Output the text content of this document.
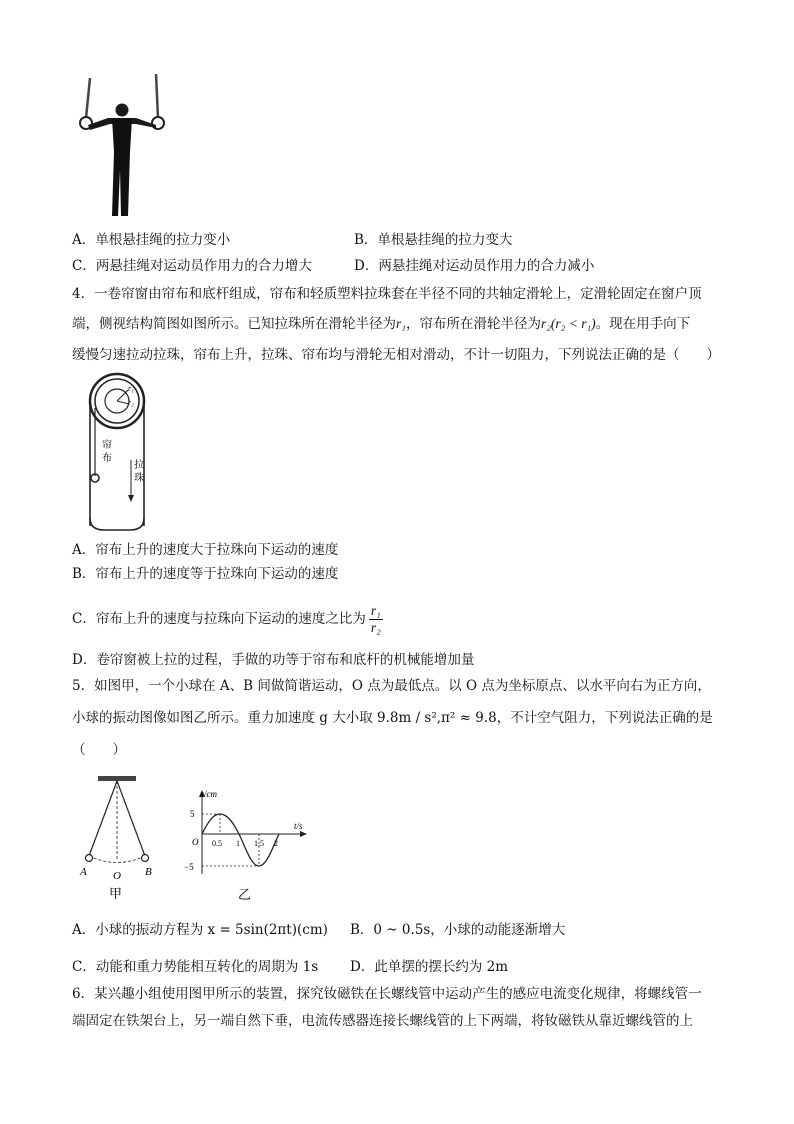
A．单根悬挂绳的拉力变小	B．单根悬挂绳的拉力变大
C．两悬挂绳对运动员作用力的合力增大	D．两悬挂绳对运动员作用力的合力减小
4．一卷帘窗由帘布和底杆组成，帘布和轻质塑料拉珠套在半径不同的共轴定滑轮上，定滑轮固定在窗户顶
端，侧视结构简图如图所示。已知拉珠所在滑轮半径为r₁，帘布所在滑轮半径为r₂(r₂ < r₁)。现在用手向下
缓慢匀速拉动拉珠，帘布上升，拉珠、帘布均与滑轮无相对滑动，不计一切阻力，下列说法正确的是（　　）
r₁
r₂
帘
布
拉
珠
A．帘布上升的速度大于拉珠向下运动的速度
B．帘布上升的速度等于拉珠向下运动的速度
C．帘布上升的速度与拉珠向下运动的速度之比为 $\frac{\text{r₁}}{\text{r₂}}$
D．卷帘窗被上拉的过程，手做的功等于帘布和底杆的机械能增加量
5．如图甲，一个小球在 A、B 间做简谐运动，O 点为最低点。以 O 点为坐标原点、以水平向右为正方向，
小球的振动图像如图乙所示。重力加速度 g 大小取 9.8m / s²,π² ≈ 9.8，不计空气阻力，下列说法正确的是
（　　）
A O B
甲
x/cm
t/s
5
−5
O 0.5 1 1.5 2
乙
A．小球的振动方程为 x = 5sin(2πt)(cm) B．0 ~ 0.5s，小球的动能逐渐增大
C．动能和重力势能相互转化的周期为 1s D．此单摆的摆长约为 2m
6．某兴趣小组使用图甲所示的装置，探究钕磁铁在长螺线管中运动产生的感应电流变化规律，将螺线管一
端固定在铁架台上，另一端自然下垂，电流传感器连接长螺线管的上下两端，将钕磁铁从靠近螺线管的上
